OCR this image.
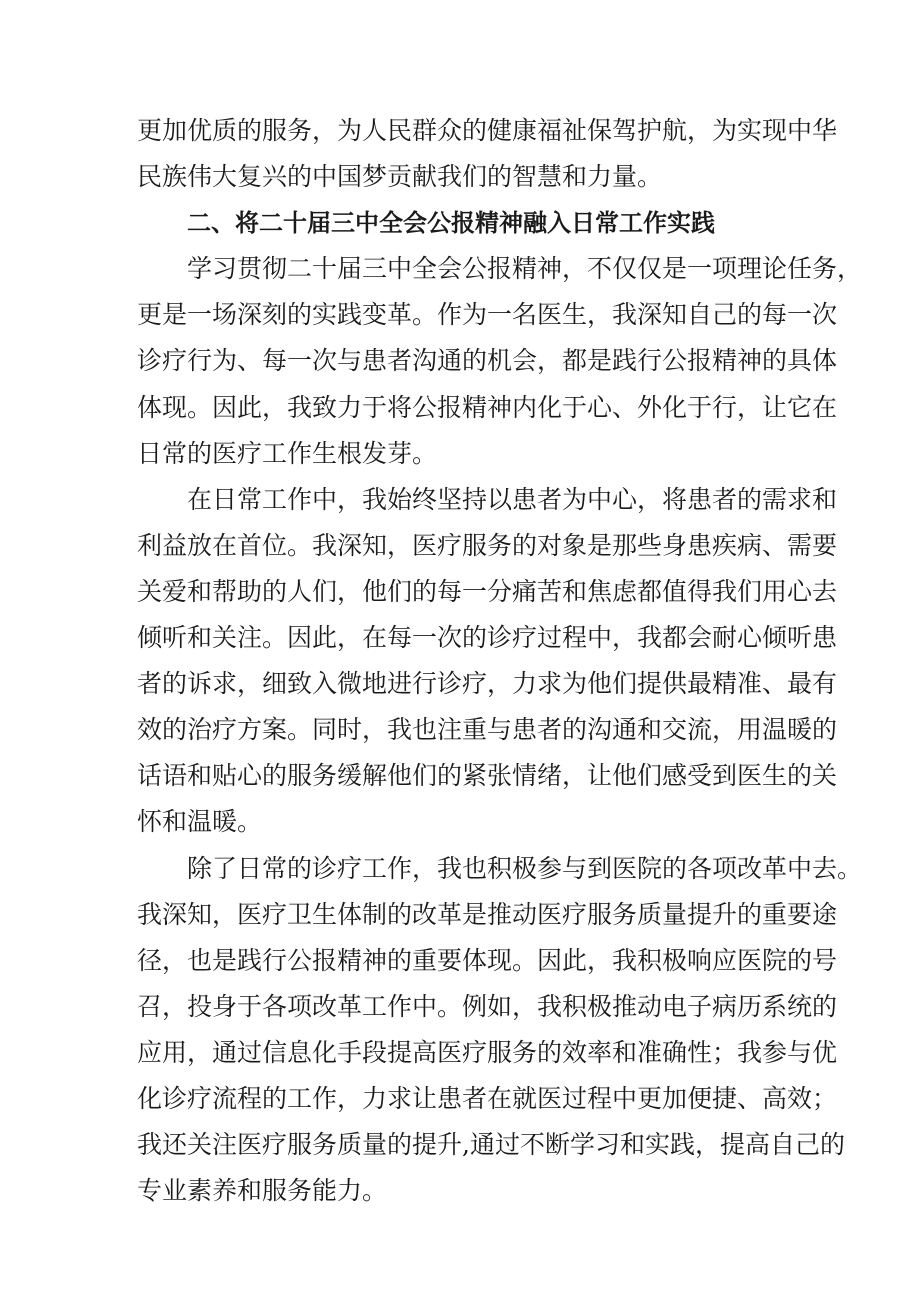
更加优质的服务，为人民群众的健康福祉保驾护航，为实现中华
民族伟大复兴的中国梦贡献我们的智慧和力量。
二、将二十届三中全会公报精神融入日常工作实践
学习贯彻二十届三中全会公报精神，不仅仅是一项理论任务，
更是一场深刻的实践变革。作为一名医生，我深知自己的每一次
诊疗行为、每一次与患者沟通的机会，都是践行公报精神的具体
体现。因此，我致力于将公报精神内化于心、外化于行，让它在
日常的医疗工作生根发芽。
在日常工作中，我始终坚持以患者为中心，将患者的需求和
利益放在首位。我深知，医疗服务的对象是那些身患疾病、需要
关爱和帮助的人们，他们的每一分痛苦和焦虑都值得我们用心去
倾听和关注。因此，在每一次的诊疗过程中，我都会耐心倾听患
者的诉求，细致入微地进行诊疗，力求为他们提供最精准、最有
效的治疗方案。同时，我也注重与患者的沟通和交流，用温暖的
话语和贴心的服务缓解他们的紧张情绪，让他们感受到医生的关
怀和温暖。
除了日常的诊疗工作，我也积极参与到医院的各项改革中去。
我深知，医疗卫生体制的改革是推动医疗服务质量提升的重要途
径，也是践行公报精神的重要体现。因此，我积极响应医院的号
召，投身于各项改革工作中。例如，我积极推动电子病历系统的
应用，通过信息化手段提高医疗服务的效率和准确性；我参与优
化诊疗流程的工作，力求让患者在就医过程中更加便捷、高效；
我还关注医疗服务质量的提升,通过不断学习和实践，提高自己的
专业素养和服务能力。
